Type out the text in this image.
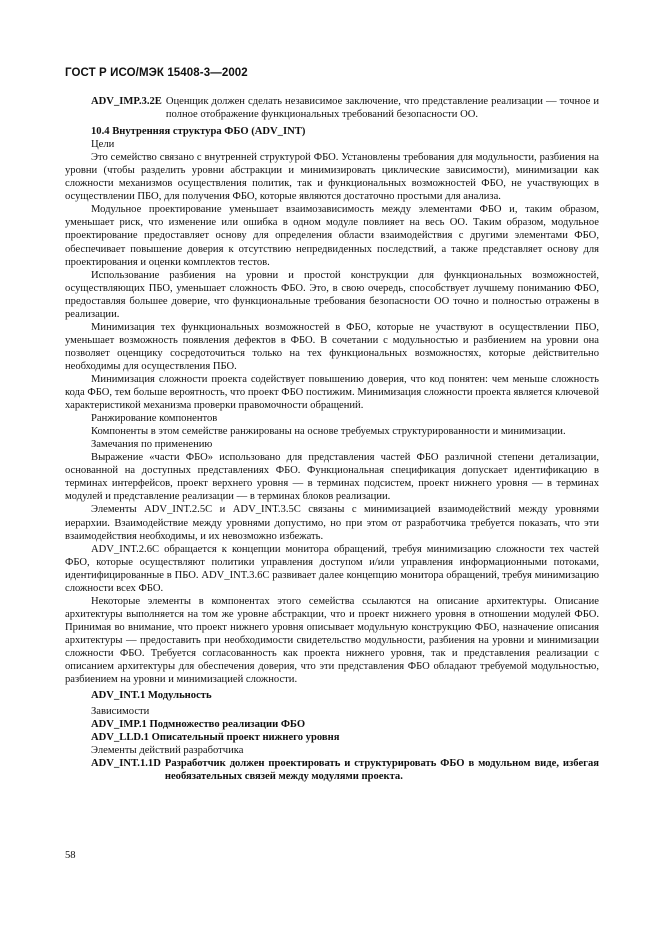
ГОСТ Р ИСО/МЭК 15408-3—2002
ADV_IMP.3.2E Оценщик должен сделать независимое заключение, что представление реализации — точное и полное отображение функциональных требований безопасности ОО.
10.4 Внутренняя структура ФБО (ADV_INT)
Цели

Это семейство связано с внутренней структурой ФБО. Установлены требования для модульности, разбиения на уровни (чтобы разделить уровни абстракции и минимизировать циклические зависимости), минимизации как сложности механизмов осуществления политик, так и функциональных возможностей ФБО, не участвующих в осуществлении ПБО, для получения ФБО, которые являются достаточно простыми для анализа.

Модульное проектирование уменьшает взаимозависимость между элементами ФБО и, таким образом, уменьшает риск, что изменение или ошибка в одном модуле повлияет на весь ОО. Таким образом, модульное проектирование предоставляет основу для определения области взаимодействия с другими элементами ФБО, обеспечивает повышение доверия к отсутствию непредвиденных последствий, а также представляет основу для проектирования и оценки комплектов тестов.

Использование разбиения на уровни и простой конструкции для функциональных возможностей, осуществляющих ПБО, уменьшает сложность ФБО. Это, в свою очередь, способствует лучшему пониманию ФБО, предоставляя большее доверие, что функциональные требования безопасности ОО точно и полностью отражены в реализации.

Минимизация тех функциональных возможностей в ФБО, которые не участвуют в осуществлении ПБО, уменьшает возможность появления дефектов в ФБО. В сочетании с модульностью и разбиением на уровни она позволяет оценщику сосредоточиться только на тех функциональных возможностях, которые действительно необходимы для осуществления ПБО.

Минимизация сложности проекта содействует повышению доверия, что код понятен: чем меньше сложность кода ФБО, тем больше вероятность, что проект ФБО постижим. Минимизация сложности проекта является ключевой характеристикой механизма проверки правомочности обращений.

Ранжирование компонентов

Компоненты в этом семействе ранжированы на основе требуемых структурированности и минимизации.

Замечания по применению

Выражение «части ФБО» использовано для представления частей ФБО различной степени детализации, основанной на доступных представлениях ФБО. Функциональная спецификация допускает идентификацию в терминах интерфейсов, проект верхнего уровня — в терминах подсистем, проект нижнего уровня — в терминах модулей и представление реализации — в терминах блоков реализации.

Элементы ADV_INT.2.5C и ADV_INT.3.5C связаны с минимизацией взаимодействий между уровнями иерархии. Взаимодействие между уровнями допустимо, но при этом от разработчика требуется показать, что эти взаимодействия необходимы, и их невозможно избежать.

ADV_INT.2.6C обращается к концепции монитора обращений, требуя минимизацию сложности тех частей ФБО, которые осуществляют политики управления доступом и/или управления информационными потоками, идентифицированные в ПБО. ADV_INT.3.6C развивает далее концепцию монитора обращений, требуя минимизацию сложности всех ФБО.

Некоторые элементы в компонентах этого семейства ссылаются на описание архитектуры. Описание архитектуры выполняется на том же уровне абстракции, что и проект нижнего уровня в отношении модулей ФБО. Принимая во внимание, что проект нижнего уровня описывает модульную конструкцию ФБО, назначение описания архитектуры — предоставить при необходимости свидетельство модульности, разбиения на уровни и минимизации сложности ФБО. Требуется согласованность как проекта нижнего уровня, так и представления реализации с описанием архитектуры для обеспечения доверия, что эти представления ФБО обладают требуемой модульностью, разбиением на уровни и минимизацией сложности.

ADV_INT.1 Модульность
Зависимости
ADV_IMP.1 Подмножество реализации ФБО
ADV_LLD.1 Описательный проект нижнего уровня
Элементы действий разработчика
ADV_INT.1.1D Разработчик должен проектировать и структурировать ФБО в модульном виде, избегая необязательных связей между модулями проекта.
58
